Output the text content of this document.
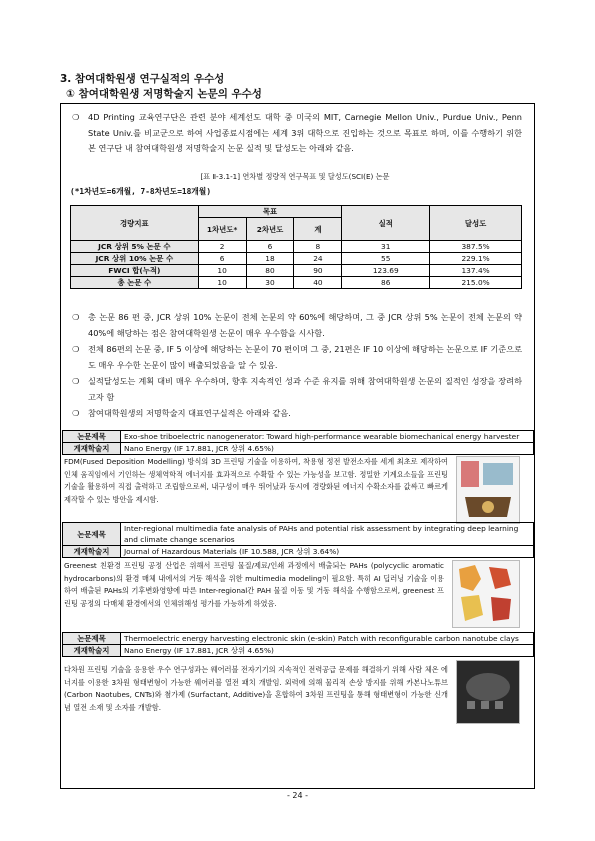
3. 참여대학원생 연구실적의 우수성
① 참여대학원생 저명학술지 논문의 우수성
❍	4D Printing 교육연구단은 관련 분야 세계선도 대학 중 미국의 MIT, Carnegie Mellon Univ., Purdue Univ., Penn State Univ.를 비교군으로 하여 사업종료시점에는 세계 3위 대학으로 진입하는 것으로 목표로 하며, 이를 수행하기 위한 본 연구단 내 참여대학원생 저명학술지 논문 실적 및 달성도는 아래와 같음.
[표 Ⅱ-3.1-1] 연차별 정량적 연구목표 및 달성도(SCI(E) 논문
(*1차년도=6개월, 7-8차년도=18개월)
경량지표	목표			실적	달성도
	1차년도*	2차년도	계		
JCR 상위 5% 논문 수	2	6	8	31	387.5%
JCR 상위 10% 논문 수	6	18	24	55	229.1%
FWCI 합(누적)	10	80	90	123.69	137.4%
총 논문 수	10	30	40	86	215.0%
❍	총 논문 86 편 중, JCR 상위 10% 논문이 전체 논문의 약 60%에 해당하며, 그 중 JCR 상위 5% 논문이 전체 논문의 약 40%에 해당하는 점은 참여대학원생 논문이 매우 우수함을 시사함.
❍	전체 86편의 논문 중, IF 5 이상에 해당하는 논문이 70 편이며 그 중, 21편은 IF 10 이상에 해당하는 논문으로 IF 기준으로도 매우 우수한 논문이 많이 배출되었음을 알 수 있음.
❍	실적달성도는 계획 대비 매우 우수하며, 향후 지속적인 성과 수준 유지를 위해 참여대학원생 논문의 질적인 성장을 장려하고자 함
❍	참여대학원생의 저명학술지 대표연구실적은 아래와 같음.
논문제목	Exo-shoe triboelectric nanogenerator: Toward high-performance wearable biomechanical energy harvester
게재학술지	Nano Energy (IF 17.881, JCR 상위 4.65%)
FDM(Fused Deposition Modelling) 방식의 3D 프린팅 기술을 이용하여, 착용형 정전 발전소자를 세계 최초로 제작하여 인체 움직임에서 기인하는 생체역학적 에너지를 효과적으로 수확할 수 있는 가능성을 보고함. 정밀한 기계요소들을 프린팅 기술을 활용하여 직접 출력하고 조립함으로써, 내구성이 매우 뛰어났과 동시에 경량화된 에너지 수확소자를 값싸고 빠르게 제작할 수 있는 방안을 제시함.
논문제목	Inter-regional multimedia fate analysis of PAHs and potential risk assessment by integrating deep learning and climate change scenarios
게재학술지	Journal of Hazardous Materials (IF 10.588, JCR 상위 3.64%)
Greenest 친환경 프린팅 공정 산업은 위해서 프린팅 물질/제료/인쇄 과정에서 배출되는 PAHs (polycyclic aromatic hydrocarbons)의 환경 매체 내에서의 거동 해석을 위한 multimedia modeling이 필요함. 특히 AI 딥러닝 기술을 이용하여 배출된 PAHs의 기후변화영향에 따른 Inter-regional간 PAH 물질 이동 및 거동 해석을 수행함으로써, greenest 프린팅 공정의 다매체 환경에서의 인체위해성 평가를 가능하게 하였음.
논문제목	Thermoelectric energy harvesting electronic skin (e-skin) Patch with reconfigurable carbon nanotube clays
게재학술지	Nano Energy (IF 17.881, JCR 상위 4.65%)
다차원 프린팅 기술을 응용한 우수 연구성과는 웨어러블 전자기기의 지속적인 전력공급 문제를 해결하기 위해 사람 체온 에너지를 이용한 3차원 형태변형이 가능한 웨어러블 열전 패치 개발임. 외력에 의해 물리적 손상 방지를 위해 카본나노튜브 (Carbon Naotubes, CNTs)와 첨가제 (Surfactant, Additive)을 혼합하여 3차원 프린팅을 통해 형태변형이 가능한 신개념 열전 소재 및 소자를 개발함.
- 24 -
